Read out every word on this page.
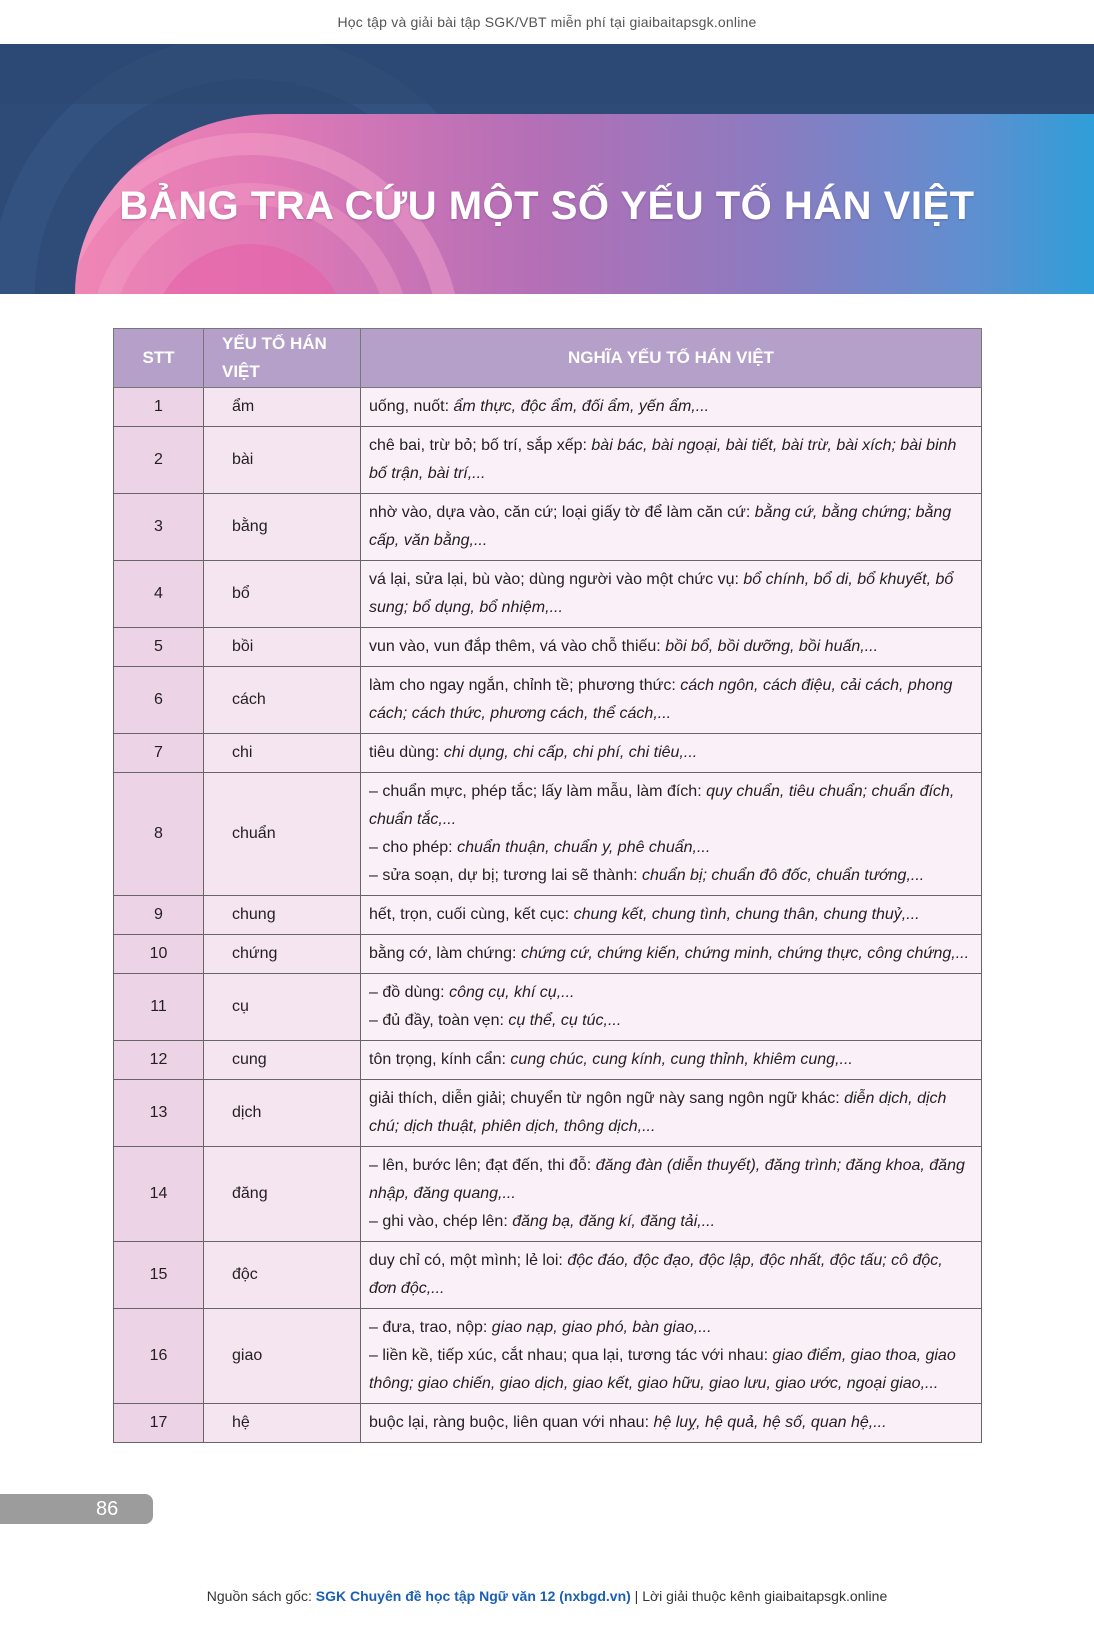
Học tập và giải bài tập SGK/VBT miễn phí tại giaibaitapsgk.online
BẢNG TRA CỨU MỘT SỐ YẾU TỐ HÁN VIỆT
STT	YẾU TỐ HÁN VIỆT	NGHĨA YẾU TỐ HÁN VIỆT
1	ẩm	uống, nuốt: ẩm thực, độc ẩm, đối ẩm, yến ẩm,...

2	bài	chê bai, trừ bỏ; bố trí, sắp xếp: bài bác, bài ngoại, bài tiết, bài trừ, bài xích; bài binh bố trận, bài trí,...

3	bằng	nhờ vào, dựa vào, căn cứ; loại giấy tờ để làm căn cứ: bằng cứ, bằng chứng; bằng cấp, văn bằng,...

4	bổ	vá lại, sửa lại, bù vào; dùng người vào một chức vụ: bổ chính, bổ di, bổ khuyết, bổ sung; bổ dụng, bổ nhiệm,...

5	bồi	vun vào, vun đắp thêm, vá vào chỗ thiếu: bồi bổ, bồi dưỡng, bồi huấn,...

6	cách	làm cho ngay ngắn, chỉnh tề; phương thức: cách ngôn, cách điệu, cải cách, phong cách; cách thức, phương cách, thể cách,...

7	chi	tiêu dùng: chi dụng, chi cấp, chi phí, chi tiêu,...

8	chuẩn	– chuẩn mực, phép tắc; lấy làm mẫu, làm đích: quy chuẩn, tiêu chuẩn; chuẩn đích, chuẩn tắc,...
– cho phép: chuẩn thuận, chuẩn y, phê chuẩn,...
– sửa soạn, dự bị; tương lai sẽ thành: chuẩn bị; chuẩn đô đốc, chuẩn tướng,...

9	chung	hết, trọn, cuối cùng, kết cục: chung kết, chung tình, chung thân, chung thuỷ,...

10	chứng	bằng cớ, làm chứng: chứng cứ, chứng kiến, chứng minh, chứng thực, công chứng,...

11	cụ	– đồ dùng: công cụ, khí cụ,...
– đủ đầy, toàn vẹn: cụ thể, cụ túc,...

12	cung	tôn trọng, kính cẩn: cung chúc, cung kính, cung thỉnh, khiêm cung,...

13	dịch	giải thích, diễn giải; chuyển từ ngôn ngữ này sang ngôn ngữ khác: diễn dịch, dịch chú; dịch thuật, phiên dịch, thông dịch,...

14	đăng	– lên, bước lên; đạt đến, thi đỗ: đăng đàn (diễn thuyết), đăng trình; đăng khoa, đăng nhập, đăng quang,...
– ghi vào, chép lên: đăng bạ, đăng kí, đăng tải,...

15	độc	duy chỉ có, một mình; lẻ loi: độc đáo, độc đạo, độc lập, độc nhất, độc tấu; cô độc, đơn độc,...

16	giao	– đưa, trao, nộp: giao nạp, giao phó, bàn giao,...
– liền kề, tiếp xúc, cắt nhau; qua lại, tương tác với nhau: giao điểm, giao thoa, giao thông; giao chiến, giao dịch, giao kết, giao hữu, giao lưu, giao ước, ngoại giao,...

17	hệ	buộc lại, ràng buộc, liên quan với nhau: hệ luỵ, hệ quả, hệ số, quan hệ,...
86
Nguồn sách gốc: SGK Chuyên đề học tập Ngữ văn 12 (nxbgd.vn) | Lời giải thuộc kênh giaibaitapsgk.online
